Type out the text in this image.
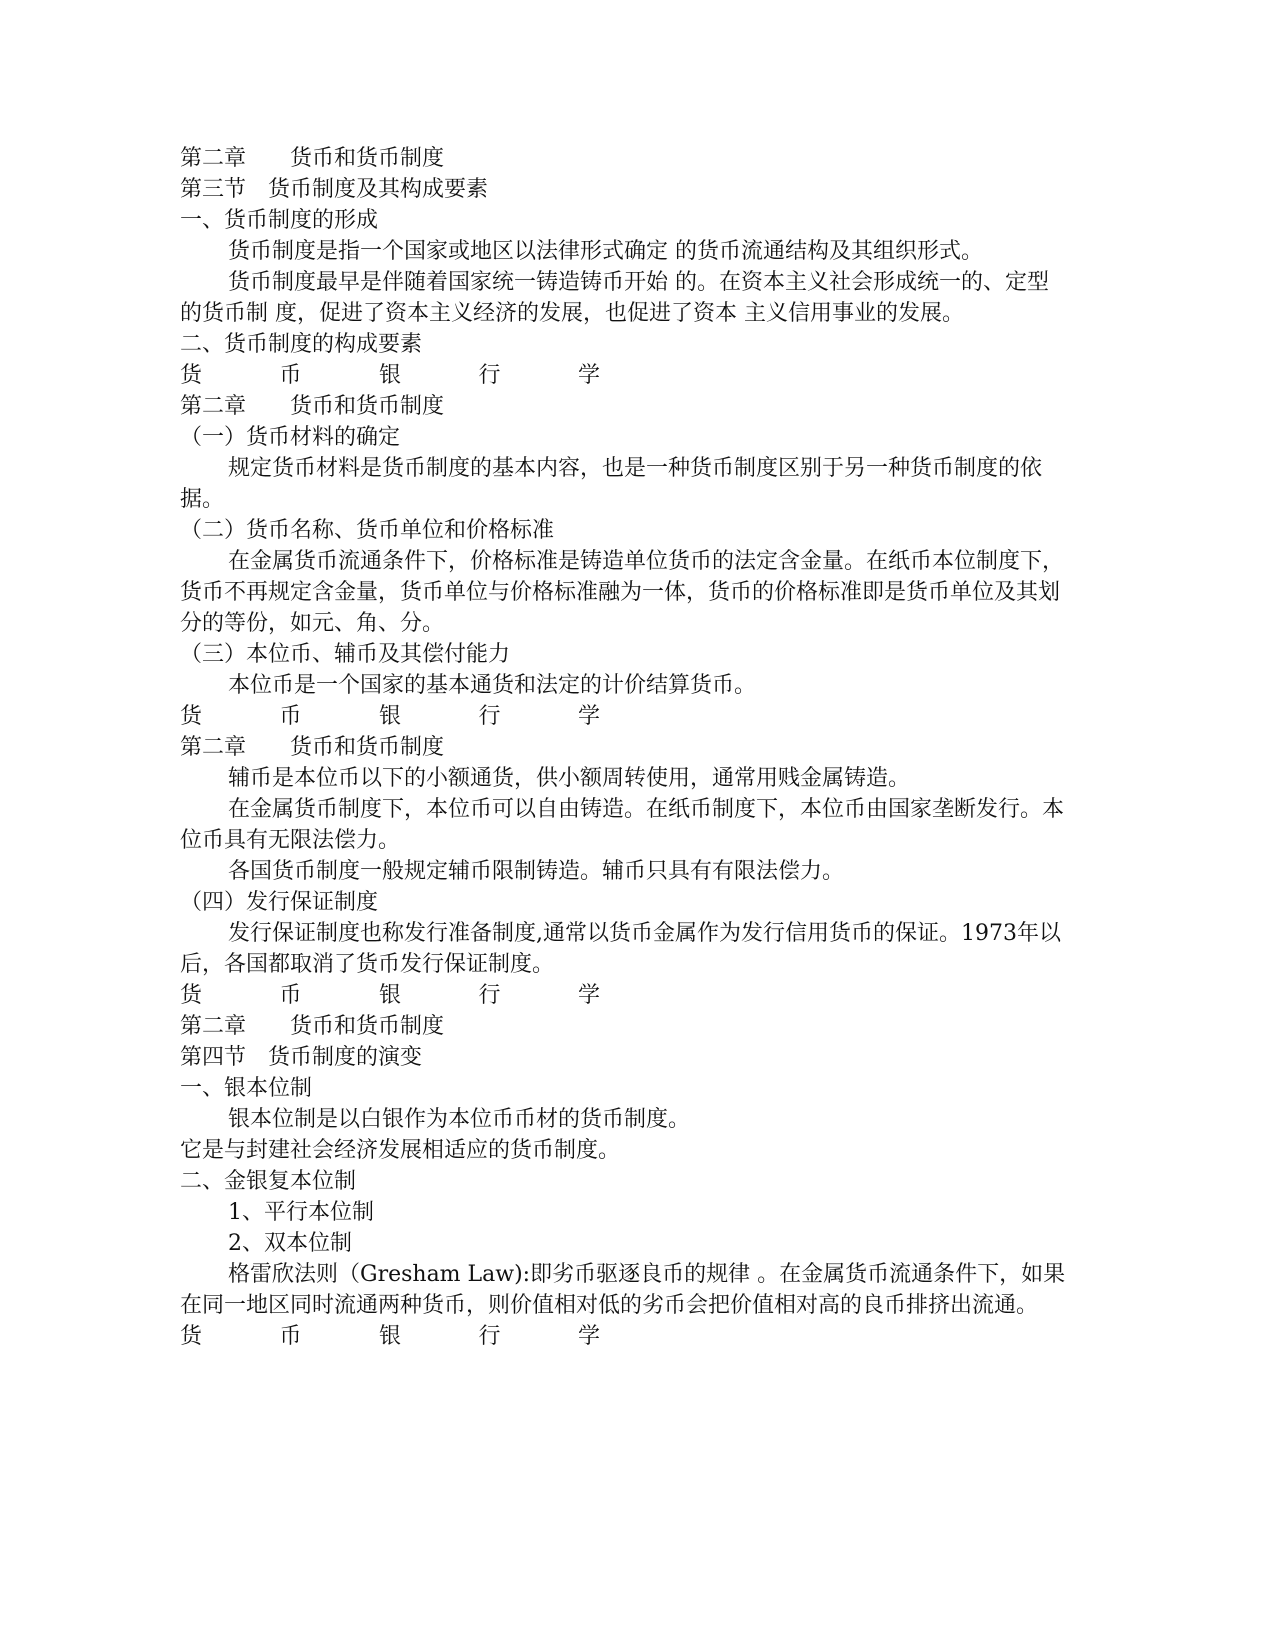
第二章　　货币和货币制度
第三节　货币制度及其构成要素
一、货币制度的形成
货币制度是指一个国家或地区以法律形式确定 的货币流通结构及其组织形式。
货币制度最早是伴随着国家统一铸造铸币开始 的。在资本主义社会形成统一的、定型的货币制 度，促进了资本主义经济的发展，也促进了资本 主义信用事业的发展。
二、货币制度的构成要素
货	币	银	行	学
第二章　　货币和货币制度
（一）货币材料的确定
规定货币材料是货币制度的基本内容，也是一种货币制度区别于另一种货币制度的依据。
（二）货币名称、货币单位和价格标准
在金属货币流通条件下，价格标准是铸造单位货币的法定含金量。在纸币本位制度下，货币不再规定含金量，货币单位与价格标准融为一体，货币的价格标准即是货币单位及其划分的等份，如元、角、分。
（三）本位币、辅币及其偿付能力
本位币是一个国家的基本通货和法定的计价结算货币。
货	币	银	行	学
第二章　　货币和货币制度
辅币是本位币以下的小额通货，供小额周转使用，通常用贱金属铸造。
在金属货币制度下，本位币可以自由铸造。在纸币制度下，本位币由国家垄断发行。本位币具有无限法偿力。
各国货币制度一般规定辅币限制铸造。辅币只具有有限法偿力。
（四）发行保证制度
发行保证制度也称发行准备制度,通常以货币金属作为发行信用货币的保证。1973年以后，各国都取消了货币发行保证制度。
货	币	银	行	学
第二章　　货币和货币制度
第四节　货币制度的演变
一、银本位制
银本位制是以白银作为本位币币材的货币制度。
它是与封建社会经济发展相适应的货币制度。
二、金银复本位制
1、平行本位制
2、双本位制
格雷欣法则（Gresham Law):即劣币驱逐良币的规律 。在金属货币流通条件下，如果在同一地区同时流通两种货币，则价值相对低的劣币会把价值相对高的良币排挤出流通。
货	币	银	行	学
